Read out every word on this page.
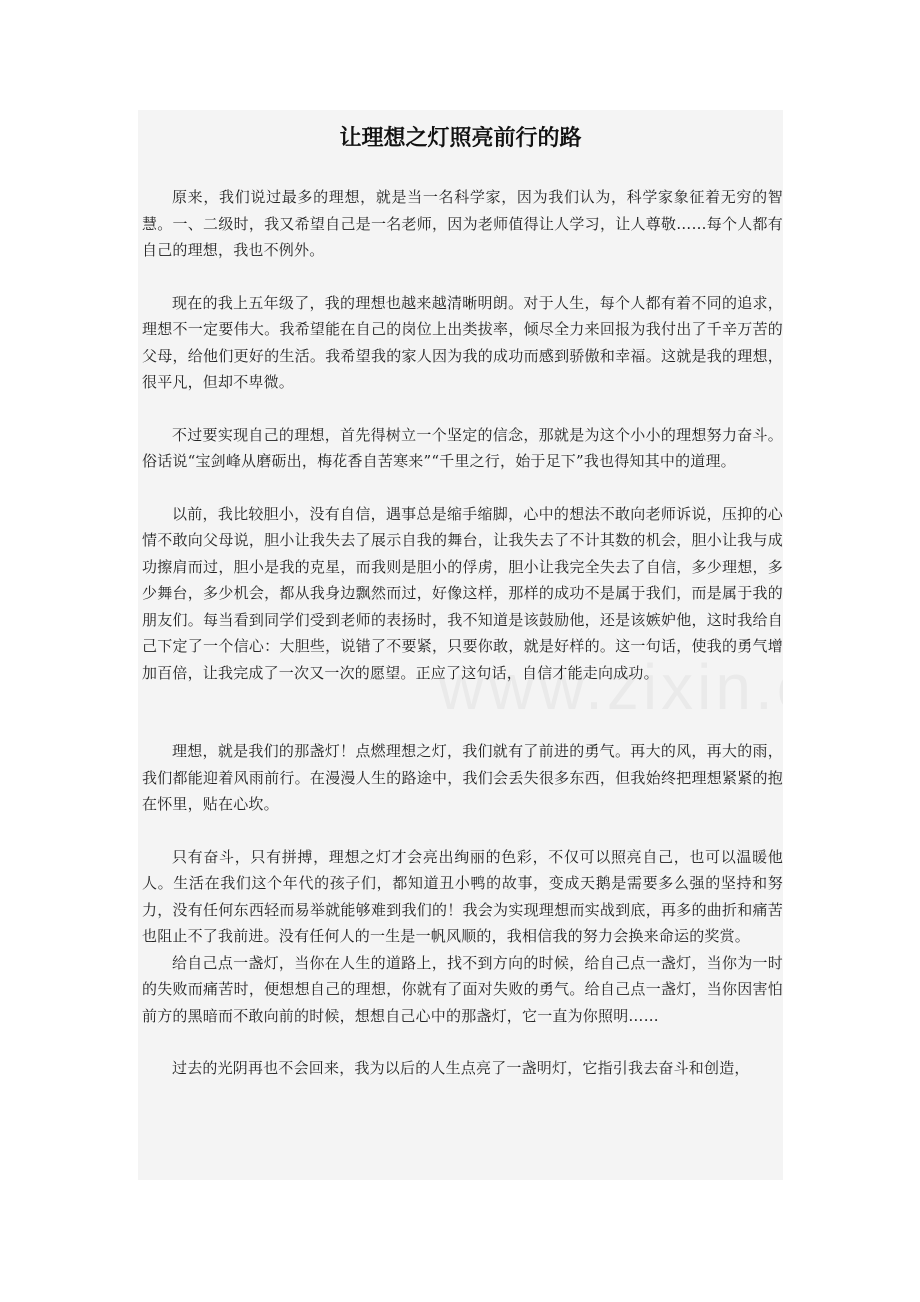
让理想之灯照亮前行的路

原来，我们说过最多的理想，就是当一名科学家，因为我们认为，科学家象征着无穷的智慧。一、二级时，我又希望自己是一名老师，因为老师值得让人学习，让人尊敬……每个人都有自己的理想，我也不例外。

现在的我上五年级了，我的理想也越来越清晰明朗。对于人生，每个人都有着不同的追求，理想不一定要伟大。我希望能在自己的岗位上出类拔率，倾尽全力来回报为我付出了千辛万苦的父母，给他们更好的生活。我希望我的家人因为我的成功而感到骄傲和幸福。这就是我的理想，很平凡，但却不卑微。

不过要实现自己的理想，首先得树立一个坚定的信念，那就是为这个小小的理想努力奋斗。俗话说“宝剑峰从磨砺出，梅花香自苦寒来”“千里之行，始于足下”我也得知其中的道理。

以前，我比较胆小，没有自信，遇事总是缩手缩脚，心中的想法不敢向老师诉说，压抑的心情不敢向父母说，胆小让我失去了展示自我的舞台，让我失去了不计其数的机会，胆小让我与成功擦肩而过，胆小是我的克星，而我则是胆小的俘虏，胆小让我完全失去了自信，多少理想，多少舞台，多少机会，都从我身边飘然而过，好像这样，那样的成功不是属于我们，而是属于我的朋友们。每当看到同学们受到老师的表扬时，我不知道是该鼓励他，还是该嫉妒他，这时我给自己下定了一个信心：大胆些，说错了不要紧，只要你敢，就是好样的。这一句话，使我的勇气增加百倍，让我完成了一次又一次的愿望。正应了这句话，自信才能走向成功。

理想，就是我们的那盏灯！点燃理想之灯，我们就有了前进的勇气。再大的风，再大的雨，我们都能迎着风雨前行。在漫漫人生的路途中，我们会丢失很多东西，但我始终把理想紧紧的抱在怀里，贴在心坎。

只有奋斗，只有拼搏，理想之灯才会亮出绚丽的色彩，不仅可以照亮自己，也可以温暖他人。生活在我们这个年代的孩子们，都知道丑小鸭的故事，变成天鹅是需要多么强的坚持和努力，没有任何东西轻而易举就能够难到我们的！我会为实现理想而实战到底，再多的曲折和痛苦也阻止不了我前进。没有任何人的一生是一帆风顺的，我相信我的努力会换来命运的奖赏。

给自己点一盏灯，当你在人生的道路上，找不到方向的时候，给自己点一盏灯，当你为一时的失败而痛苦时，便想想自己的理想，你就有了面对失败的勇气。给自己点一盏灯，当你因害怕前方的黑暗而不敢向前的时候，想想自己心中的那盏灯，它一直为你照明……

过去的光阴再也不会回来，我为以后的人生点亮了一盏明灯，它指引我去奋斗和创造，
